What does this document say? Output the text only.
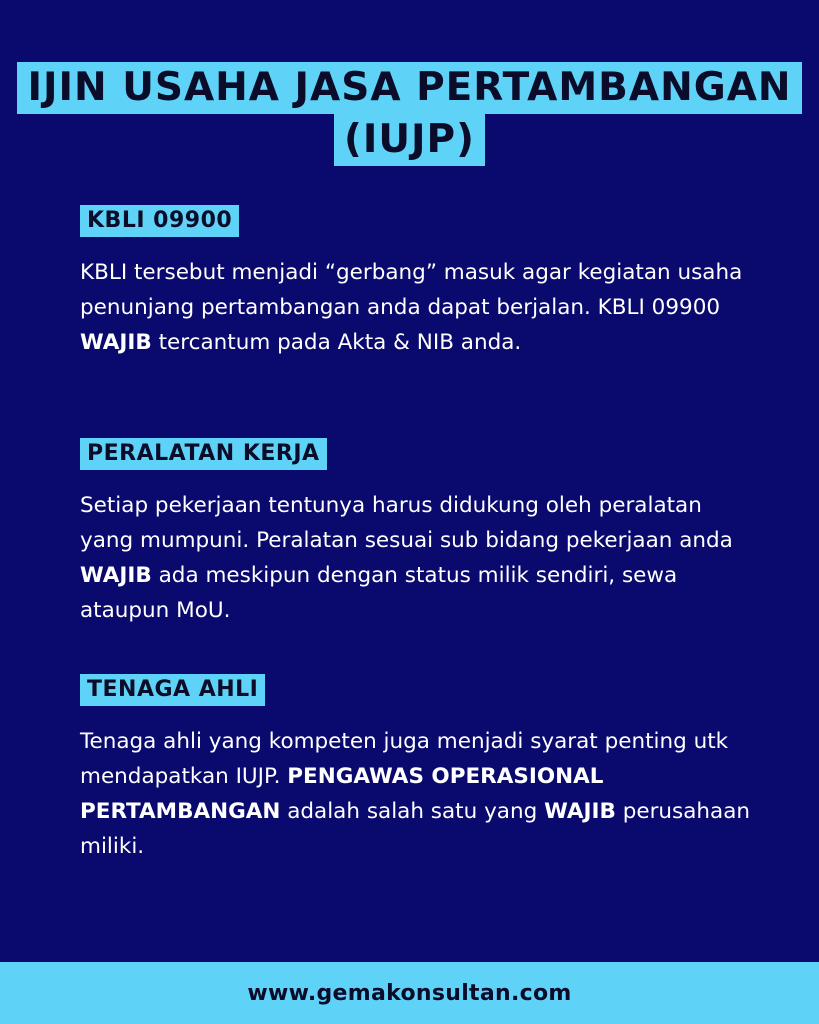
IJIN USAHA JASA PERTAMBANGAN
(IUJP)
KBLI 09900
KBLI tersebut menjadi “gerbang” masuk agar kegiatan usaha penunjang pertambangan anda dapat berjalan. KBLI 09900 WAJIB tercantum pada Akta & NIB anda.
PERALATAN KERJA
Setiap pekerjaan tentunya harus didukung oleh peralatan yang mumpuni. Peralatan sesuai sub bidang pekerjaan anda WAJIB ada meskipun dengan status milik sendiri, sewa ataupun MoU.
TENAGA AHLI
Tenaga ahli yang kompeten juga menjadi syarat penting utk mendapatkan IUJP. PENGAWAS OPERASIONAL PERTAMBANGAN adalah salah satu yang WAJIB perusahaan miliki.
www.gemakonsultan.com
